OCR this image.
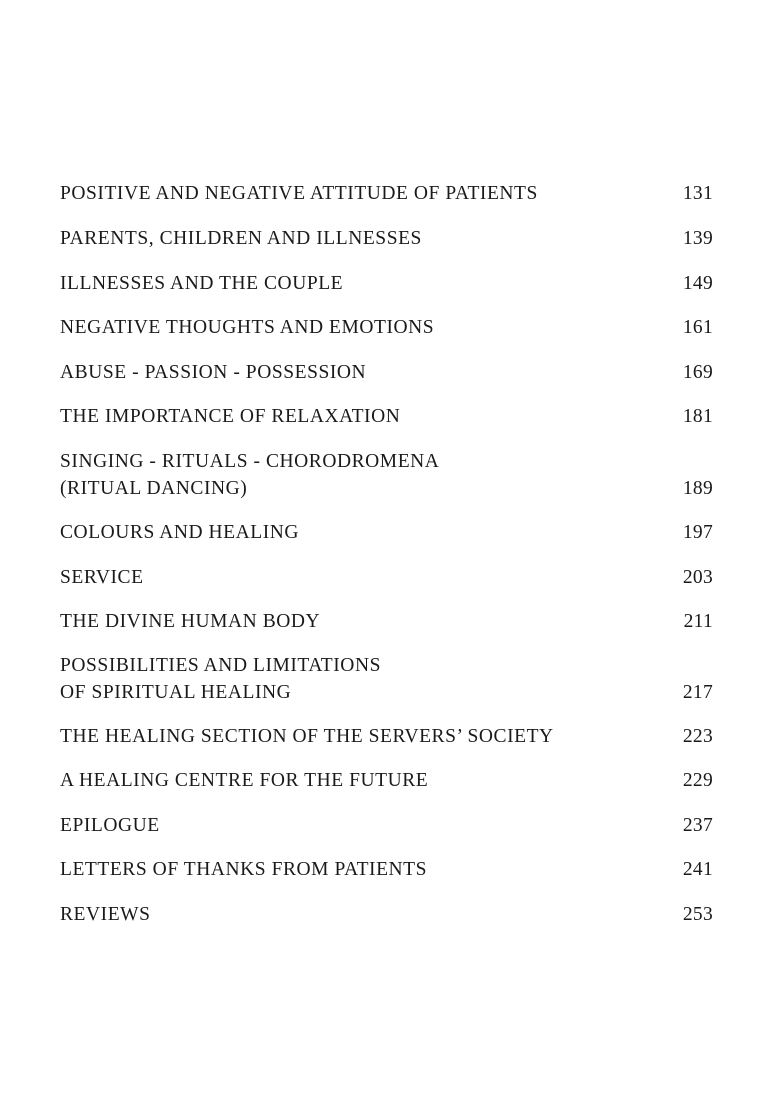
POSITIVE AND NEGATIVE ATTITUDE OF PATIENTS	131
PARENTS, CHILDREN AND ILLNESSES	139
ILLNESSES AND THE COUPLE	149
NEGATIVE THOUGHTS AND EMOTIONS	161
ABUSE - PASSION - POSSESSION	169
THE IMPORTANCE OF RELAXATION	181
SINGING - RITUALS - CHORODROMENA
(RITUAL DANCING)	189
COLOURS AND HEALING	197
SERVICE	203
THE DIVINE HUMAN BODY	211
POSSIBILITIES AND LIMITATIONS
OF SPIRITUAL HEALING	217
THE HEALING SECTION OF THE SERVERS’ SOCIETY	223
A HEALING CENTRE FOR THE FUTURE	229
EPILOGUE	237
LETTERS OF THANKS FROM PATIENTS	241
REVIEWS	253
